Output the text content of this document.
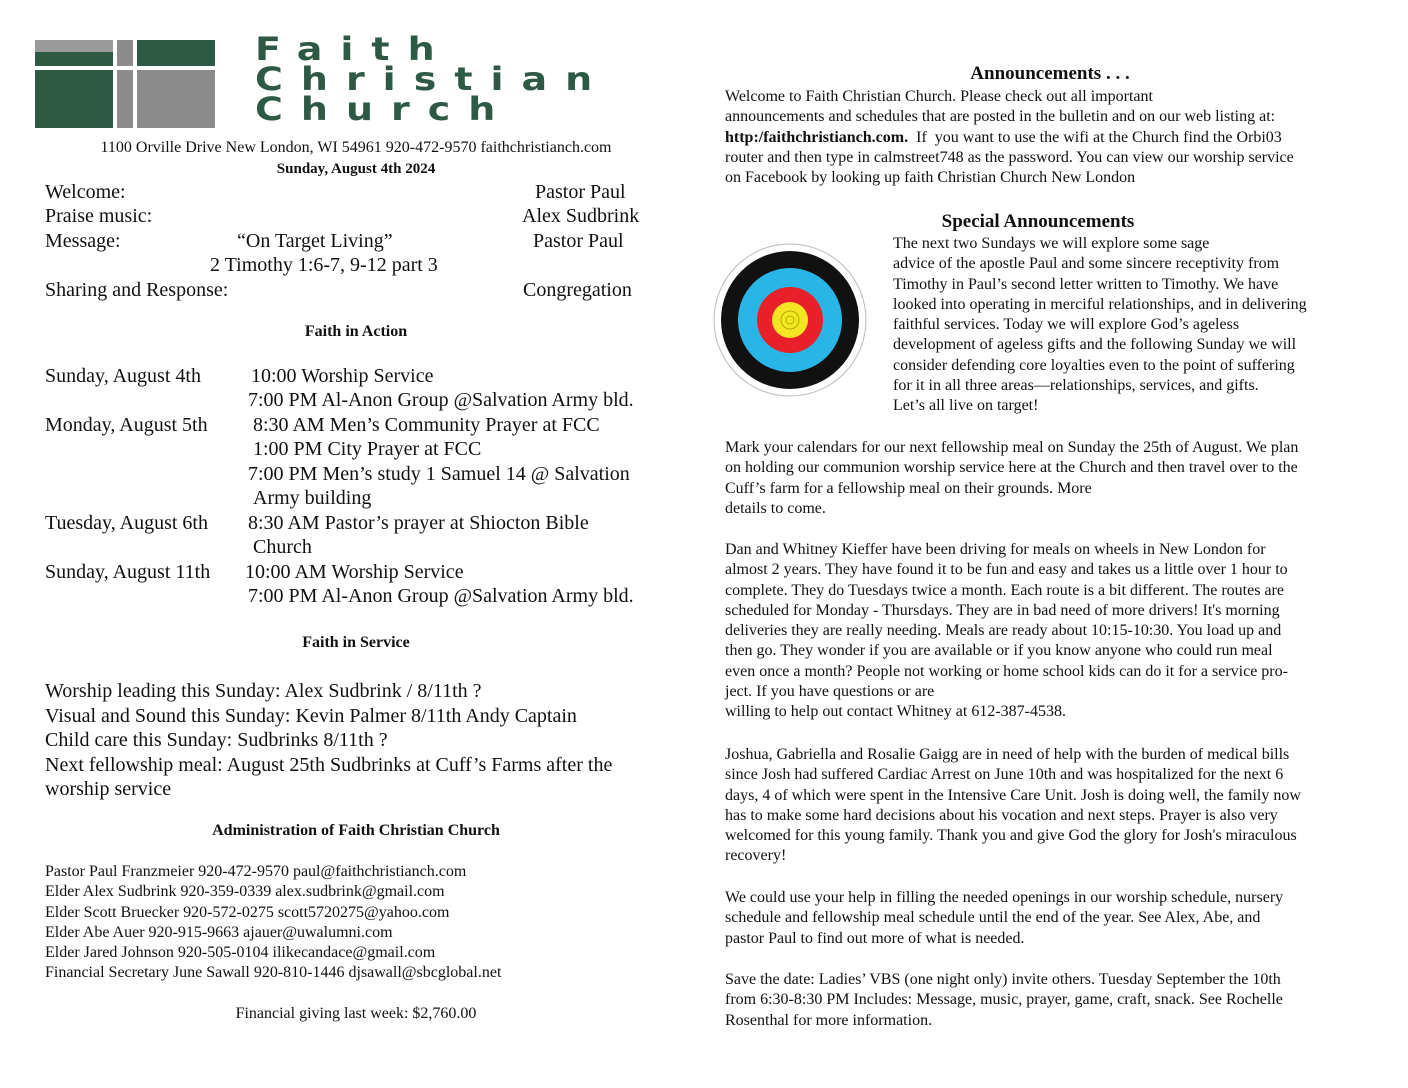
Faith
Christian
Church
1100 Orville Drive New London, WI 54961 920-472-9570 faithchristianch.com
Sunday, August 4th 2024
Welcome:	Pastor Paul
Praise music:	Alex Sudbrink
Message:	“On Target Living”	Pastor Paul
2 Timothy 1:6-7, 9-12 part 3
Sharing and Response:	Congregation
Faith in Action
Sunday, August 4th	10:00 Worship Service
7:00 PM Al-Anon Group @Salvation Army bld.
Monday, August 5th 8:30 AM Men’s Community Prayer at FCC
1:00 PM City Prayer at FCC
7:00 PM Men’s study 1 Samuel 14 @ Salvation
Army building
Tuesday, August 6th 8:30 AM Pastor’s prayer at Shiocton Bible
Church
Sunday, August 11th 10:00 AM Worship Service
7:00 PM Al-Anon Group @Salvation Army bld.
Faith in Service
Worship leading this Sunday: Alex Sudbrink / 8/11th ?
Visual and Sound this Sunday: Kevin Palmer 8/11th Andy Captain
Child care this Sunday: Sudbrinks 8/11th ?
Next fellowship meal: August 25th Sudbrinks at Cuff’s Farms after the
worship service
Administration of Faith Christian Church
Pastor Paul Franzmeier 920-472-9570 paul@faithchristianch.com
Elder Alex Sudbrink 920-359-0339 alex.sudbrink@gmail.com
Elder Scott Bruecker 920-572-0275 scott5720275@yahoo.com
Elder Abe Auer 920-915-9663 ajauer@uwalumni.com
Elder Jared Johnson 920-505-0104 ilikecandace@gmail.com
Financial Secretary June Sawall 920-810-1446 djsawall@sbcglobal.net
Financial giving last week: $2,760.00
Announcements . . .
Welcome to Faith Christian Church. Please check out all important
announcements and schedules that are posted in the bulletin and on our web listing at:
http:/faithchristianch.com.  If  you want to use the wifi at the Church find the Orbi03
router and then type in calmstreet748 as the password. You can view our worship service
on Facebook by looking up faith Christian Church New London
Special Announcements
The next two Sundays we will explore some sage
advice of the apostle Paul and some sincere receptivity from
Timothy in Paul’s second letter written to Timothy. We have
looked into operating in merciful relationships, and in delivering
faithful services. Today we will explore God’s ageless
development of ageless gifts and the following Sunday we will
consider defending core loyalties even to the point of suffering
for it in all three areas—relationships, services, and gifts.
Let’s all live on target!
Mark your calendars for our next fellowship meal on Sunday the 25th of August. We plan
on holding our communion worship service here at the Church and then travel over to the
Cuff’s farm for a fellowship meal on their grounds. More
details to come.
Dan and Whitney Kieffer have been driving for meals on wheels in New London for
almost 2 years. They have found it to be fun and easy and takes us a little over 1 hour to
complete. They do Tuesdays twice a month. Each route is a bit different. The routes are
scheduled for Monday - Thursdays. They are in bad need of more drivers! It's morning
deliveries they are really needing. Meals are ready about 10:15-10:30. You load up and
then go. They wonder if you are available or if you know anyone who could run meal
even once a month? People not working or home school kids can do it for a service pro-
ject. If you have questions or are
willing to help out contact Whitney at 612-387-4538.
Joshua, Gabriella and Rosalie Gaigg are in need of help with the burden of medical bills
since Josh had suffered Cardiac Arrest on June 10th and was hospitalized for the next 6
days, 4 of which were spent in the Intensive Care Unit. Josh is doing well, the family now
has to make some hard decisions about his vocation and next steps. Prayer is also very
welcomed for this young family. Thank you and give God the glory for Josh's miraculous
recovery!
We could use your help in filling the needed openings in our worship schedule, nursery
schedule and fellowship meal schedule until the end of the year. See Alex, Abe, and
pastor Paul to find out more of what is needed.
Save the date: Ladies’ VBS (one night only) invite others. Tuesday September the 10th
from 6:30-8:30 PM Includes: Message, music, prayer, game, craft, snack. See Rochelle
Rosenthal for more information.
